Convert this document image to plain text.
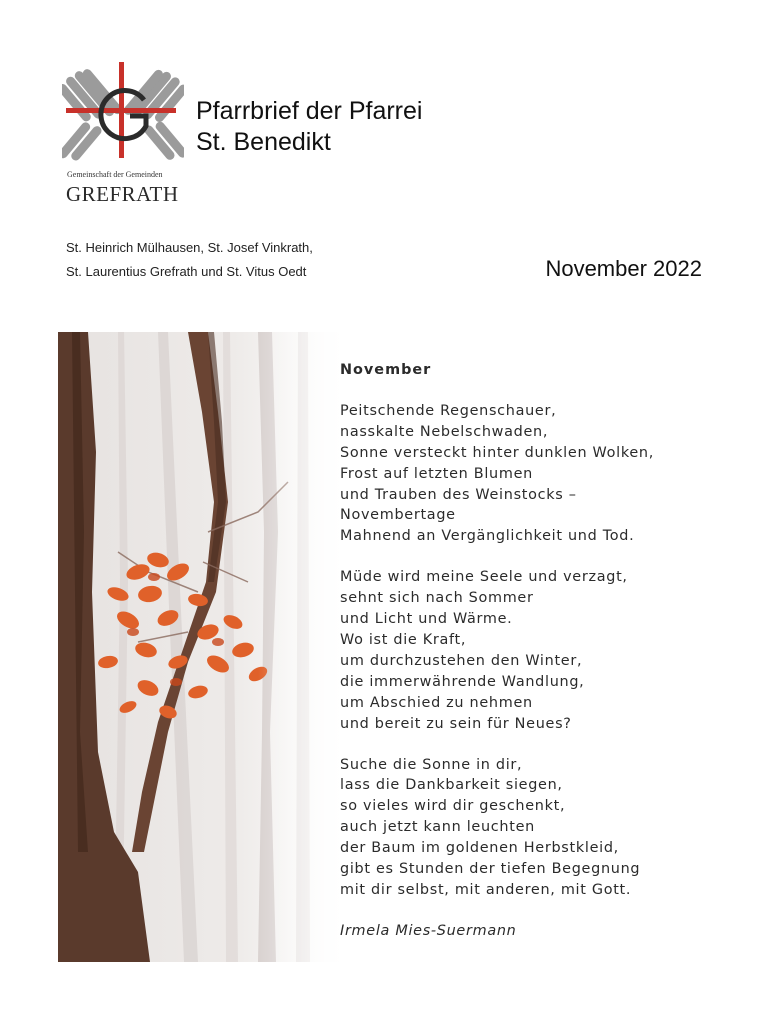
Gemeinschaft der Gemeinden
GREFRATH
Pfarrbrief der Pfarrei
St. Benedikt
St. Heinrich Mülhausen, St. Josef Vinkrath,
St. Laurentius Grefrath und St. Vitus Oedt	November 2022
November
Peitschende Regenschauer,
nasskalte Nebelschwaden,
Sonne versteckt hinter dunklen Wolken,
Frost auf letzten Blumen
und Trauben des Weinstocks –
Novembertage
Mahnend an Vergänglichkeit und Tod.
Müde wird meine Seele und verzagt,
sehnt sich nach Sommer
und Licht und Wärme.
Wo ist die Kraft,
um durchzustehen den Winter,
die immerwährende Wandlung,
um Abschied zu nehmen
und bereit zu sein für Neues?
Suche die Sonne in dir,
lass die Dankbarkeit siegen,
so vieles wird dir geschenkt,
auch jetzt kann leuchten
der Baum im goldenen Herbstkleid,
gibt es Stunden der tiefen Begegnung
mit dir selbst, mit anderen, mit Gott.
Irmela Mies-Suermann
